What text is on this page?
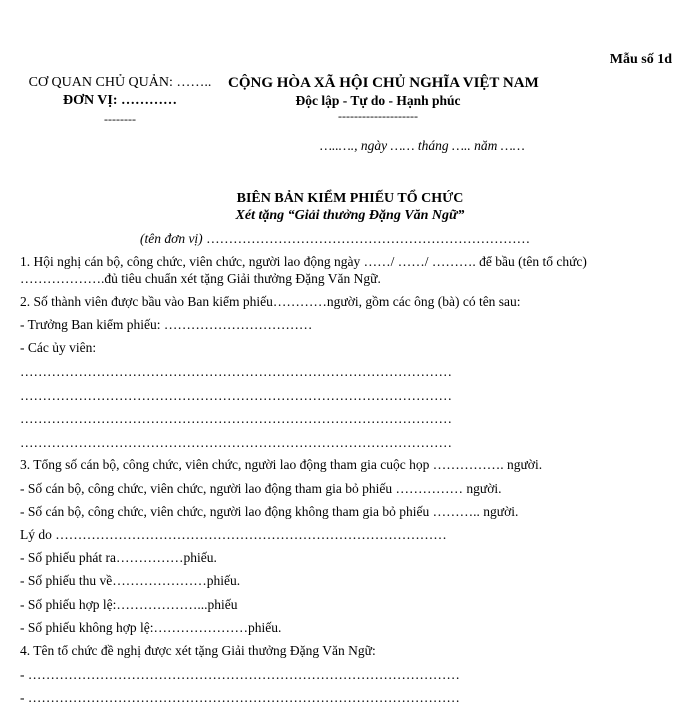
Mẫu số 1d
CƠ QUAN CHỦ QUẢN: ……..
ĐƠN VỊ: …………
--------
CỘNG HÒA XÃ HỘI CHỦ NGHĨA VIỆT NAM
Độc lập - Tự do - Hạnh phúc
--------------------
…..…., ngày …… tháng ….. năm ……
BIÊN BẢN KIỂM PHIẾU TỔ CHỨC
Xét tặng “Giải thưởng Đặng Văn Ngữ”
(tên đơn vị) ………………………………………………………………
1. Hội nghị cán bộ, công chức, viên chức, người lao động ngày ……/ ……/ ………. để bầu (tên tổ chức)
……………….đủ tiêu chuẩn xét tặng Giải thưởng Đặng Văn Ngữ.
2. Số thành viên được bầu vào Ban kiểm phiếu…………người, gồm các ông (bà) có tên sau:
- Trưởng Ban kiểm phiếu: ……………………………
- Các ủy viên:
……………………………………………………………………………………
……………………………………………………………………………………
……………………………………………………………………………………
……………………………………………………………………………………
3. Tổng số cán bộ, công chức, viên chức, người lao động tham gia cuộc họp ……………. người.
- Số cán bộ, công chức, viên chức, người lao động tham gia bỏ phiếu …………… người.
- Số cán bộ, công chức, viên chức, người lao động không tham gia bỏ phiếu ……….. người.
Lý do ……………………………………………………………………………
- Số phiếu phát ra……………phiếu.
- Số phiếu thu về…………………phiếu.
- Số phiếu hợp lệ:………………...phiếu
- Số phiếu không hợp lệ:…………………phiếu.
4. Tên tổ chức đề nghị được xét tặng Giải thưởng Đặng Văn Ngữ:
- ……………………………………………………………………………………
- ……………………………………………………………………………………
